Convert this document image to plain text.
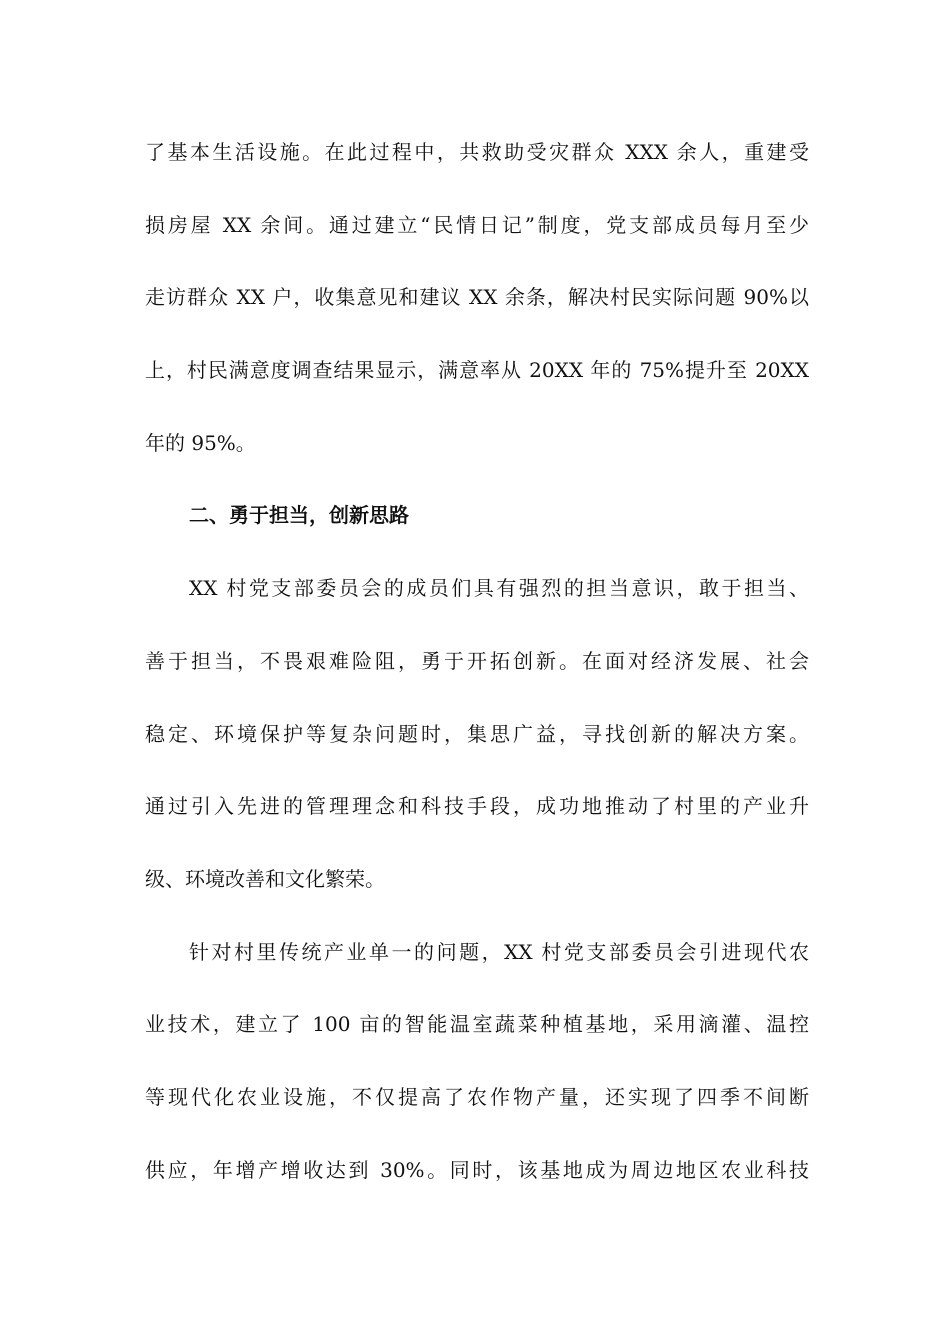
了基本生活设施。在此过程中，共救助受灾群众 XXX 余人，重建受
损房屋 XX 余间。通过建立“民情日记”制度，党支部成员每月至少
走访群众 XX 户，收集意见和建议 XX 余条，解决村民实际问题 90%以
上，村民满意度调查结果显示，满意率从 20XX 年的 75%提升至 20XX
年的 95%。
二、勇于担当，创新思路
XX 村党支部委员会的成员们具有强烈的担当意识，敢于担当、
善于担当，不畏艰难险阻，勇于开拓创新。在面对经济发展、社会
稳定、环境保护等复杂问题时，集思广益，寻找创新的解决方案。
通过引入先进的管理理念和科技手段，成功地推动了村里的产业升
级、环境改善和文化繁荣。
针对村里传统产业单一的问题，XX 村党支部委员会引进现代农
业技术，建立了 100 亩的智能温室蔬菜种植基地，采用滴灌、温控
等现代化农业设施，不仅提高了农作物产量，还实现了四季不间断
供应，年增产增收达到 30%。同时，该基地成为周边地区农业科技
